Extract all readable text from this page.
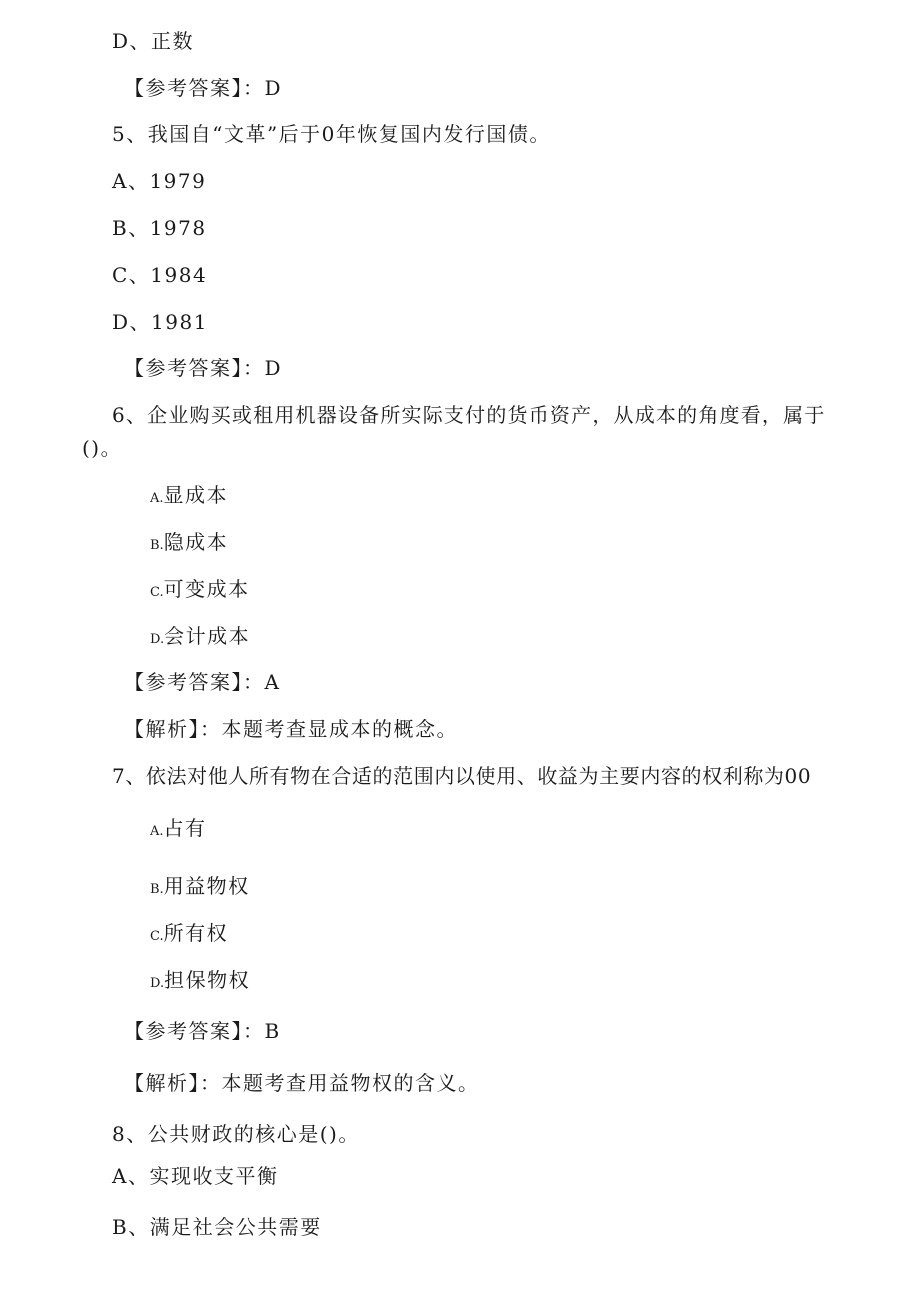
D、正数
【参考答案】：D
5、我国自“文革”后于0年恢复国内发行国债。
A、1979
B、1978
C、1984
D、1981
【参考答案】：D
6、企业购买或租用机器设备所实际支付的货币资产，从成本的角度看，属于
()。
A.显成本
B.隐成本
C.可变成本
D.会计成本
【参考答案】：A
【解析】：本题考查显成本的概念。
7、依法对他人所有物在合适的范围内以使用、收益为主要内容的权利称为00
A.占有
B.用益物权
C.所有权
D.担保物权
【参考答案】：B
【解析】：本题考查用益物权的含义。
8、公共财政的核心是()。
A、实现收支平衡
B、满足社会公共需要
